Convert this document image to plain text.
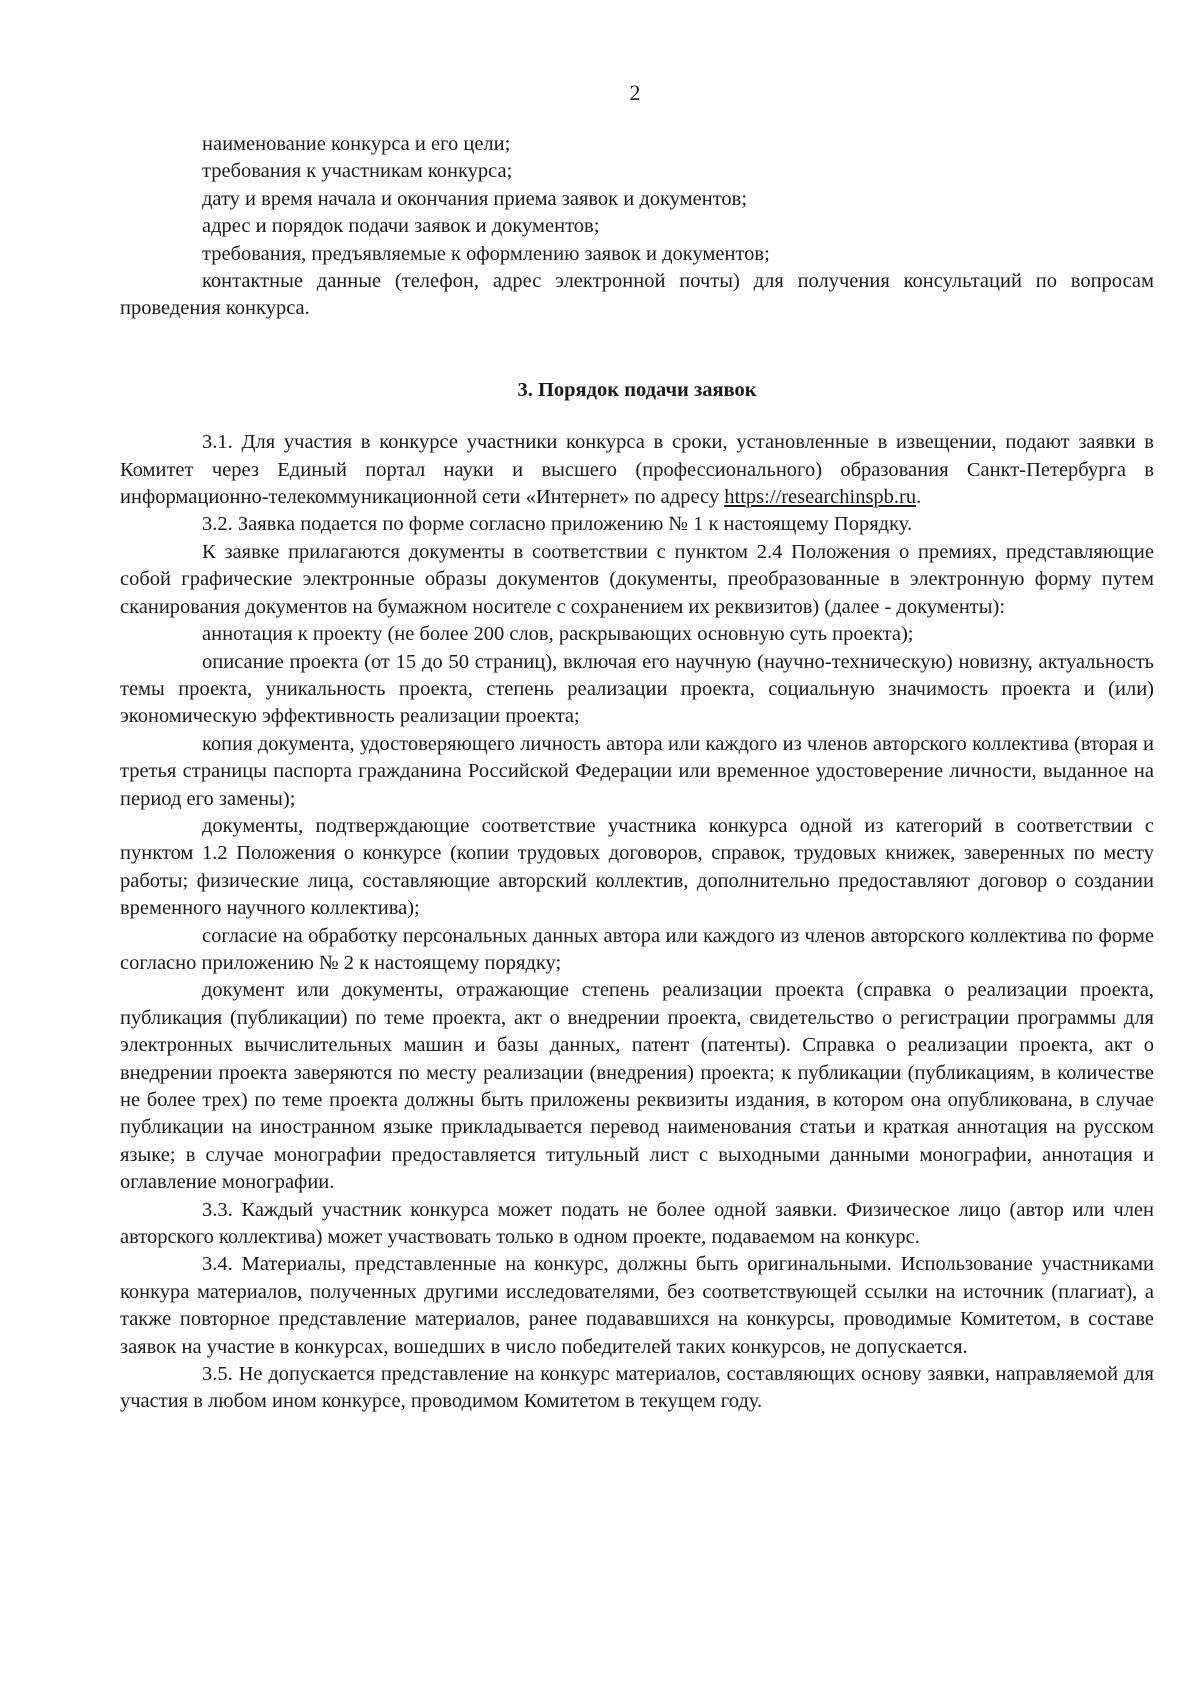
2

наименование конкурса и его цели;

требования к участникам конкурса;

дату и время начала и окончания приема заявок и документов;

адрес и порядок подачи заявок и документов;

требования, предъявляемые к оформлению заявок и документов;

контактные данные (телефон, адрес электронной почты) для получения консультаций по вопросам проведения конкурса.

3. Порядок подачи заявок

3.1. Для участия в конкурсе участники конкурса в сроки, установленные в извещении, подают заявки в Комитет через Единый портал науки и высшего (профессионального) образования Санкт-Петербурга в информационно-телекоммуникационной сети «Интернет» по адресу https://researchinspb.ru.

3.2. Заявка подается по форме согласно приложению № 1 к настоящему Порядку.

К заявке прилагаются документы в соответствии с пунктом 2.4 Положения о премиях, представляющие собой графические электронные образы документов (документы, преобразованные в электронную форму путем сканирования документов на бумажном носителе с сохранением их реквизитов) (далее - документы):

аннотация к проекту (не более 200 слов, раскрывающих основную суть проекта);

описание проекта (от 15 до 50 страниц), включая его научную (научно-техническую) новизну, актуальность темы проекта, уникальность проекта, степень реализации проекта, социальную значимость проекта и (или) экономическую эффективность реализации проекта;

копия документа, удостоверяющего личность автора или каждого из членов авторского коллектива (вторая и третья страницы паспорта гражданина Российской Федерации или временное удостоверение личности, выданное на период его замены);

документы, подтверждающие соответствие участника конкурса одной из категорий в соответствии с пунктом 1.2 Положения о конкурсе (копии трудовых договоров, справок, трудовых книжек, заверенных по месту работы; физические лица, составляющие авторский коллектив, дополнительно предоставляют договор о создании временного научного коллектива);

согласие на обработку персональных данных автора или каждого из членов авторского коллектива по форме согласно приложению № 2 к настоящему порядку;

документ или документы, отражающие степень реализации проекта (справка о реализации проекта, публикация (публикации) по теме проекта, акт о внедрении проекта, свидетельство о регистрации программы для электронных вычислительных машин и базы данных, патент (патенты). Справка о реализации проекта, акт о внедрении проекта заверяются по месту реализации (внедрения) проекта; к публикации (публикациям, в количестве не более трех) по теме проекта должны быть приложены реквизиты издания, в котором она опубликована, в случае публикации на иностранном языке прикладывается перевод наименования статьи и краткая аннотация на русском языке; в случае монографии предоставляется титульный лист с выходными данными монографии, аннотация и оглавление монографии.

3.3. Каждый участник конкурса может подать не более одной заявки. Физическое лицо (автор или член авторского коллектива) может участвовать только в одном проекте, подаваемом на конкурс.

3.4. Материалы, представленные на конкурс, должны быть оригинальными. Использование участниками конкура материалов, полученных другими исследователями, без соответствующей ссылки на источник (плагиат), а также повторное представление материалов, ранее подававшихся на конкурсы, проводимые Комитетом, в составе заявок на участие в конкурсах, вошедших в число победителей таких конкурсов, не допускается.

3.5. Не допускается представление на конкурс материалов, составляющих основу заявки, направляемой для участия в любом ином конкурсе, проводимом Комитетом в текущем году.
